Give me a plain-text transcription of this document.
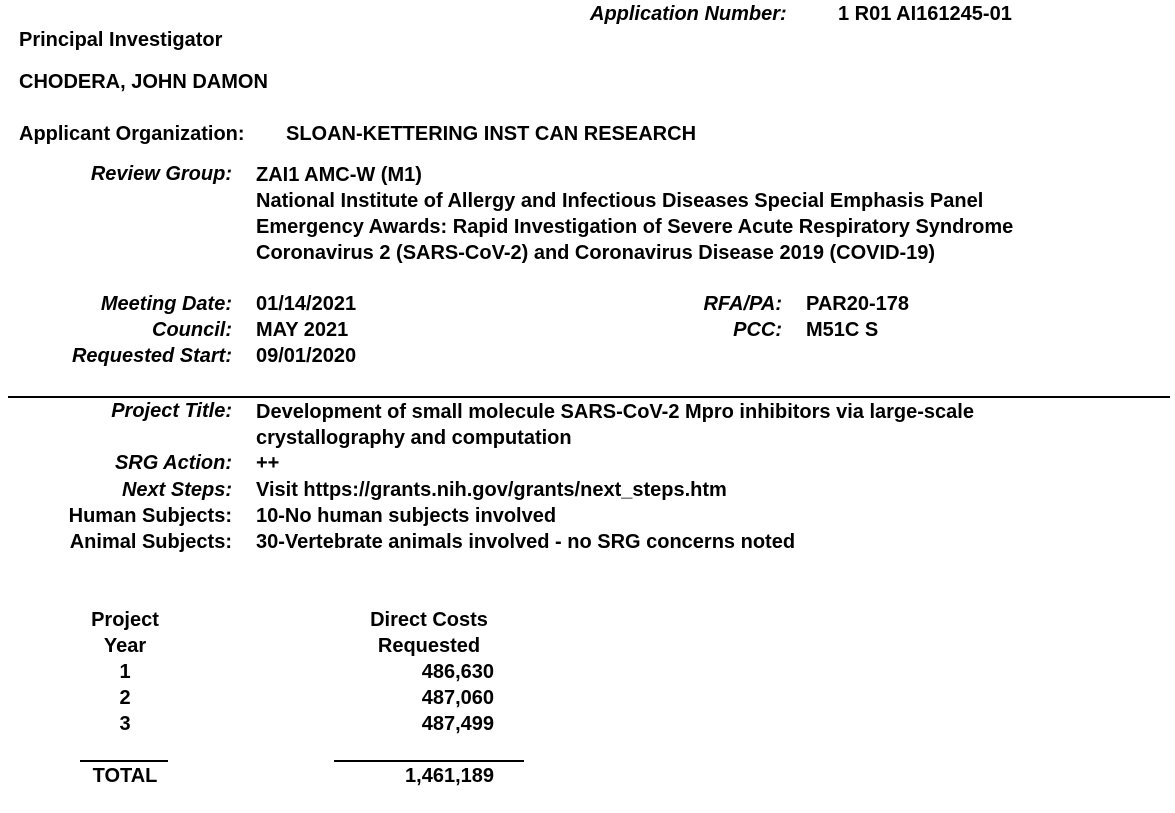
Application Number:	1 R01 AI161245-01
Principal Investigator
CHODERA, JOHN DAMON
Applicant Organization: SLOAN-KETTERING INST CAN RESEARCH
Review Group: ZAI1 AMC-W (M1)
National Institute of Allergy and Infectious Diseases Special Emphasis Panel
Emergency Awards: Rapid Investigation of Severe Acute Respiratory Syndrome
Coronavirus 2 (SARS-CoV-2) and Coronavirus Disease 2019 (COVID-19)
Meeting Date: 01/14/2021
Council: MAY 2021
Requested Start: 09/01/2020
RFA/PA: PAR20-178
PCC: M51C S
Project Title: Development of small molecule SARS-CoV-2 Mpro inhibitors via large-scale
crystallography and computation
SRG Action: ++
Next Steps: Visit https://grants.nih.gov/grants/next_steps.htm
Human Subjects: 10-No human subjects involved
Animal Subjects: 30-Vertebrate animals involved - no SRG concerns noted
Project
Year
Direct Costs
Requested
1	486,630
2	487,060
3	487,499
TOTAL	1,461,189
